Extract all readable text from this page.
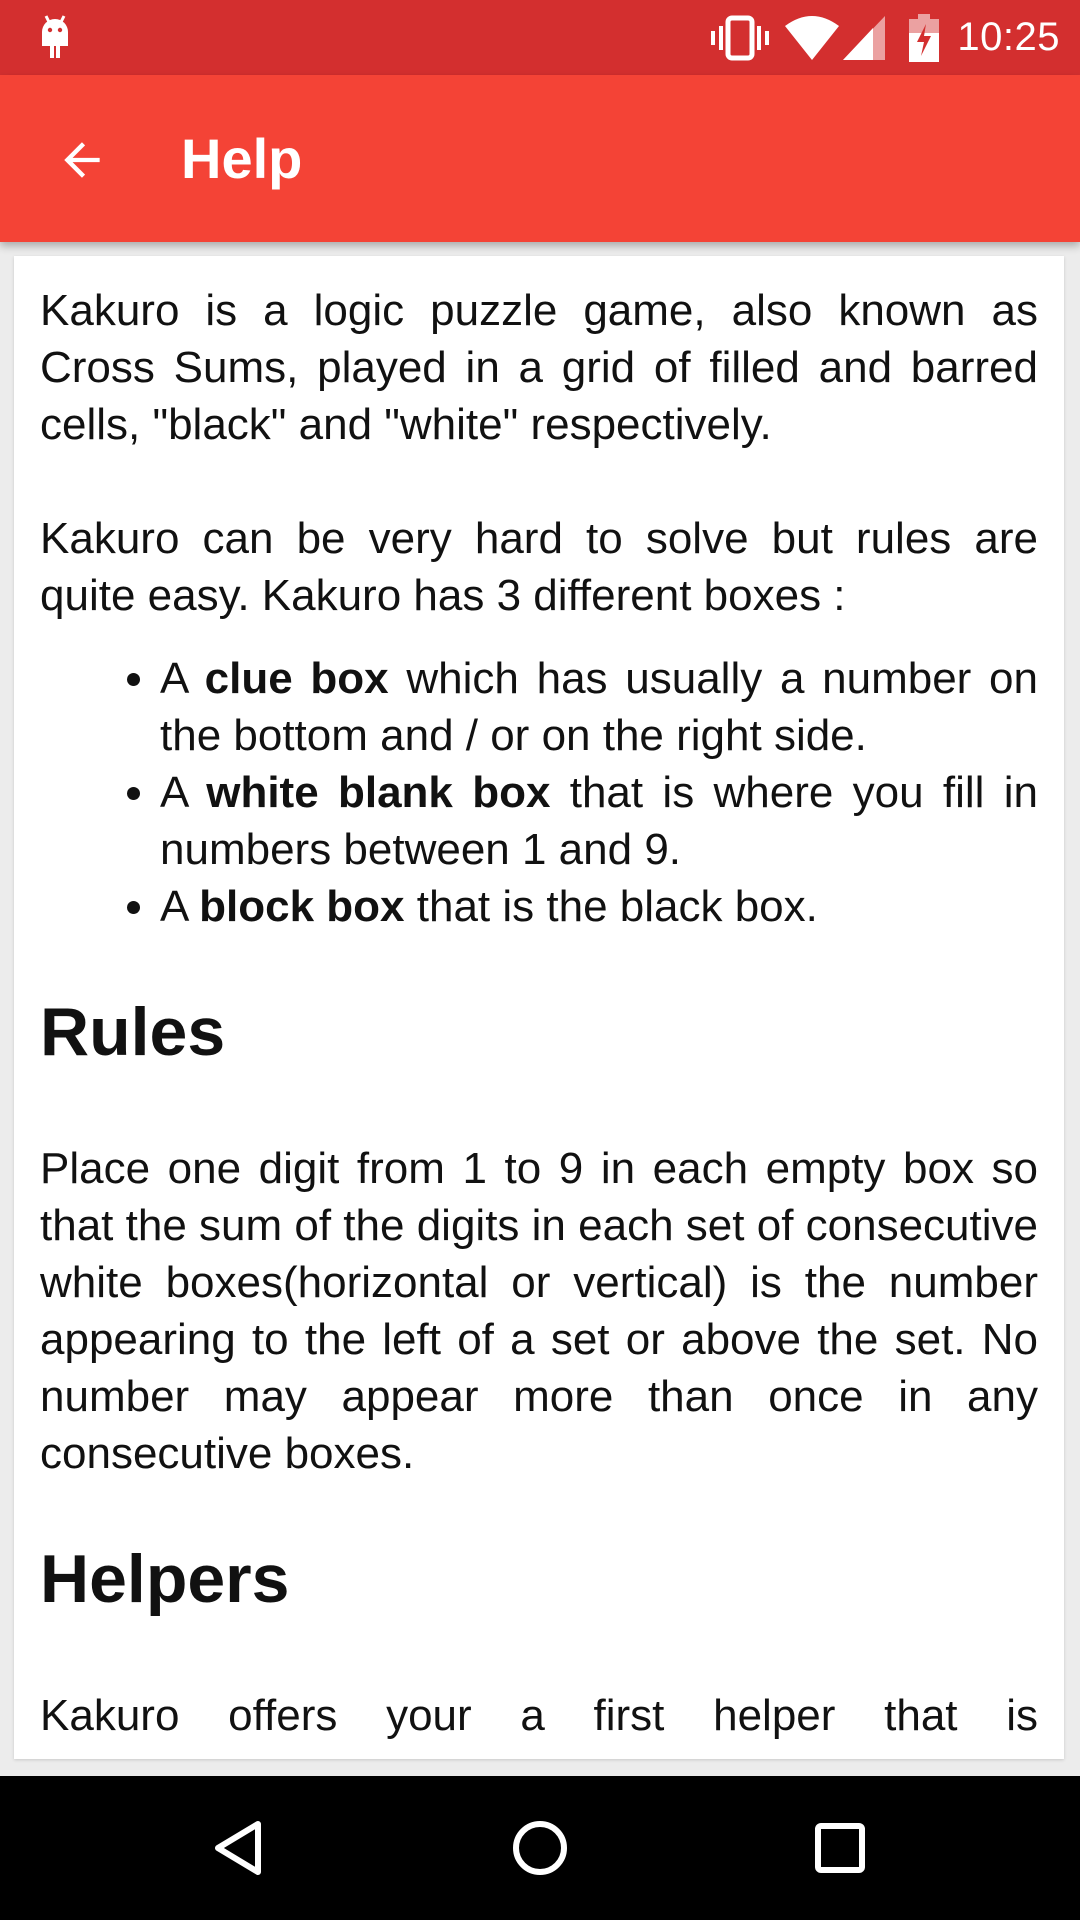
10:25
Help

Kakuro is a logic puzzle game, also known as Cross Sums, played in a grid of filled and barred cells, "black" and "white" respectively.

Kakuro can be very hard to solve but rules are quite easy. Kakuro has 3 different boxes :

• A clue box which has usually a number on the bottom and / or on the right side.
• A white blank box that is where you fill in numbers between 1 and 9.
• A block box that is the black box.
Rules

Place one digit from 1 to 9 in each empty box so that the sum of the digits in each set of consecutive white boxes(horizontal or vertical) is the number appearing to the left of a set or above the set. No number may appear more than once in any consecutive boxes.

Helpers

Kakuro offers your a first helper that is
